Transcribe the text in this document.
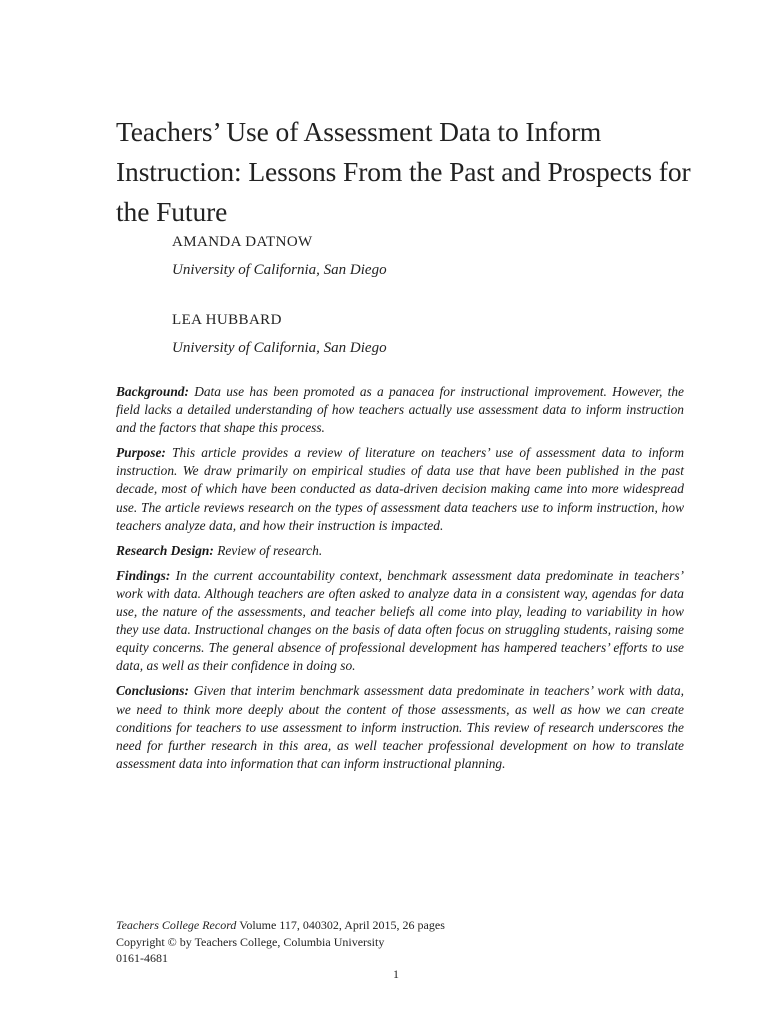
Teachers’ Use of Assessment Data to Inform Instruction: Lessons From the Past and Prospects for the Future
AMANDA DATNOW
University of California, San Diego
LEA HUBBARD
University of California, San Diego

Background: Data use has been promoted as a panacea for instructional improvement. However, the field lacks a detailed understanding of how teachers actually use assessment data to inform instruction and the factors that shape this process.

Purpose: This article provides a review of literature on teachers’ use of assessment data to inform instruction. We draw primarily on empirical studies of data use that have been published in the past decade, most of which have been conducted as data-driven decision making came into more widespread use. The article reviews research on the types of assessment data teachers use to inform instruction, how teachers analyze data, and how their instruction is impacted.

Research Design: Review of research.

Findings: In the current accountability context, benchmark assessment data predominate in teachers’ work with data. Although teachers are often asked to analyze data in a consistent way, agendas for data use, the nature of the assessments, and teacher beliefs all come into play, leading to variability in how they use data. Instructional changes on the basis of data often focus on struggling students, raising some equity concerns. The general absence of professional development has hampered teachers’ efforts to use data, as well as their confidence in doing so.

Conclusions: Given that interim benchmark assessment data predominate in teachers’ work with data, we need to think more deeply about the content of those assessments, as well as how we can create conditions for teachers to use assessment to inform instruction. This review of research underscores the need for further research in this area, as well teacher professional development on how to translate assessment data into information that can inform instructional planning.

Teachers College Record Volume 117, 040302, April 2015, 26 pages
Copyright © by Teachers College, Columbia University
0161-4681
1
